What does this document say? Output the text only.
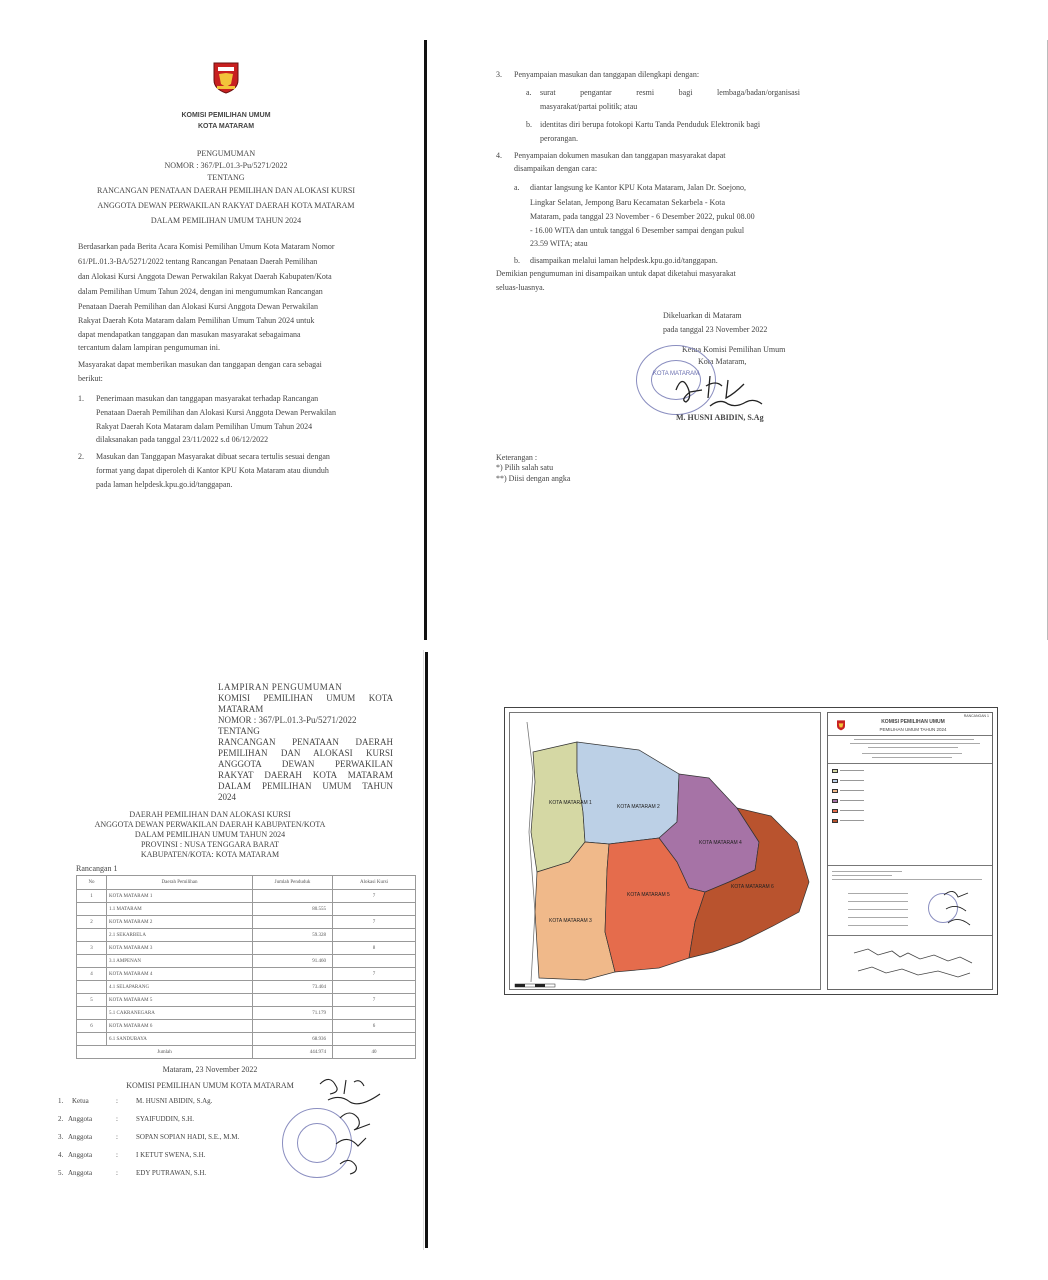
KOMISI PEMILIHAN UMUM
KOTA MATARAM
PENGUMUMAN
NOMOR : 367/PL.01.3-Pu/5271/2022
TENTANG
RANCANGAN PENATAAN DAERAH PEMILIHAN DAN ALOKASI KURSI
ANGGOTA DEWAN PERWAKILAN RAKYAT DAERAH KOTA MATARAM
DALAM PEMILIHAN UMUM TAHUN 2024
Berdasarkan pada Berita Acara Komisi Pemilihan Umum Kota Mataram Nomor
61/PL.01.3-BA/5271/2022 tentang Rancangan Penataan Daerah Pemilihan
dan Alokasi Kursi Anggota Dewan Perwakilan Rakyat Daerah Kabupaten/Kota
dalam Pemilihan Umum Tahun 2024, dengan ini mengumumkan Rancangan
Penataan Daerah Pemilihan dan Alokasi Kursi Anggota Dewan Perwakilan
Rakyat Daerah Kota Mataram dalam Pemilihan Umum Tahun 2024 untuk
dapat mendapatkan tanggapan dan masukan masyarakat sebagaimana
tercantum dalam lampiran pengumuman ini.
Masyarakat dapat memberikan masukan dan tanggapan dengan cara sebagai
berikut:
1. Penerimaan masukan dan tanggapan masyarakat terhadap Rancangan
Penataan Daerah Pemilihan dan Alokasi Kursi Anggota Dewan Perwakilan
Rakyat Daerah Kota Mataram dalam Pemilihan Umum Tahun 2024
dilaksanakan pada tanggal 23/11/2022 s.d 06/12/2022
2. Masukan dan Tanggapan Masyarakat dibuat secara tertulis sesuai dengan
format yang dapat diperoleh di Kantor KPU Kota Mataram atau diunduh
pada laman helpdesk.kpu.go.id/tanggapan.
3. Penyampaian masukan dan tanggapan dilengkapi dengan:
a. surat pengantar resmi bagi lembaga/badan/organisasi
masyarakat/partai politik; atau
b. identitas diri berupa fotokopi Kartu Tanda Penduduk Elektronik bagi
perorangan.
4. Penyampaian dokumen masukan dan tanggapan masyarakat dapat
disampaikan dengan cara:
a. diantar langsung ke Kantor KPU Kota Mataram, Jalan Dr. Soejono,
Lingkar Selatan, Jempong Baru Kecamatan Sekarbela - Kota
Mataram, pada tanggal 23 November - 6 Desember 2022, pukul 08.00
- 16.00 WITA dan untuk tanggal 6 Desember sampai dengan pukul
23.59 WITA; atau
b. disampaikan melalui laman helpdesk.kpu.go.id/tanggapan.
Demikian pengumuman ini disampaikan untuk dapat diketahui masyarakat
seluas-luasnya.
Dikeluarkan di Mataram
pada tanggal 23 November 2022
Ketua Komisi Pemilihan Umum
Kota Mataram,
KOTA MATARAM
M. HUSNI ABIDIN, S.Ag
Keterangan :
*) Pilih salah satu
**) Diisi dengan angka
LAMPIRAN PENGUMUMAN
KOMISI PEMILIHAN UMUM KOTA
MATARAM
NOMOR : 367/PL.01.3-Pu/5271/2022
TENTANG
RANCANGAN PENATAAN DAERAH
PEMILIHAN DAN ALOKASI KURSI
ANGGOTA DEWAN PERWAKILAN
RAKYAT DAERAH KOTA MATARAM
DALAM PEMILIHAN UMUM TAHUN
2024
DAERAH PEMILIHAN DAN ALOKASI KURSI
ANGGOTA DEWAN PERWAKILAN DAERAH KABUPATEN/KOTA
DALAM PEMILIHAN UMUM TAHUN 2024
PROVINSI : NUSA TENGGARA BARAT
KABUPATEN/KOTA: KOTA MATARAM
Rancangan 1
No	Daerah Pemilihan	Jumlah Penduduk	Alokasi Kursi
1	KOTA MATARAM 1		7
	1.1 MATARAM	80.555	
2	KOTA MATARAM 2		7
	2.1 SEKARBELA	59.328	
3	KOTA MATARAM 3		8
	3.1 AMPENAN	91.460	
4	KOTA MATARAM 4		7
	4.1 SELAPARANG	73.404	
5	KOTA MATARAM 5		7
	5.1 CAKRANEGARA	71.179	
6	KOTA MATARAM 6		6
	6.1 SANDUBAYA	68.936	
Jumlah		444.974	40
Mataram, 23 November 2022
KOMISI PEMILIHAN UMUM KOTA MATARAM
1. Ketua	:	M. HUSNI ABIDIN, S.Ag.
2. Anggota	:	SYAIFUDDIN, S.H.
3. Anggota	:	SOPAN SOPIAN HADI, S.E., M.M.
4. Anggota	:	I KETUT SWENA, S.H.
5. Anggota	:	EDY PUTRAWAN, S.H.
KOTA MATARAM 1
KOTA MATARAM 2
KOTA MATARAM 3
KOTA MATARAM 4
KOTA MATARAM 5
KOTA MATARAM 6
RANCANGAN 1
KOMISI PEMILIHAN UMUM
PEMILIHAN UMUM TAHUN 2024
